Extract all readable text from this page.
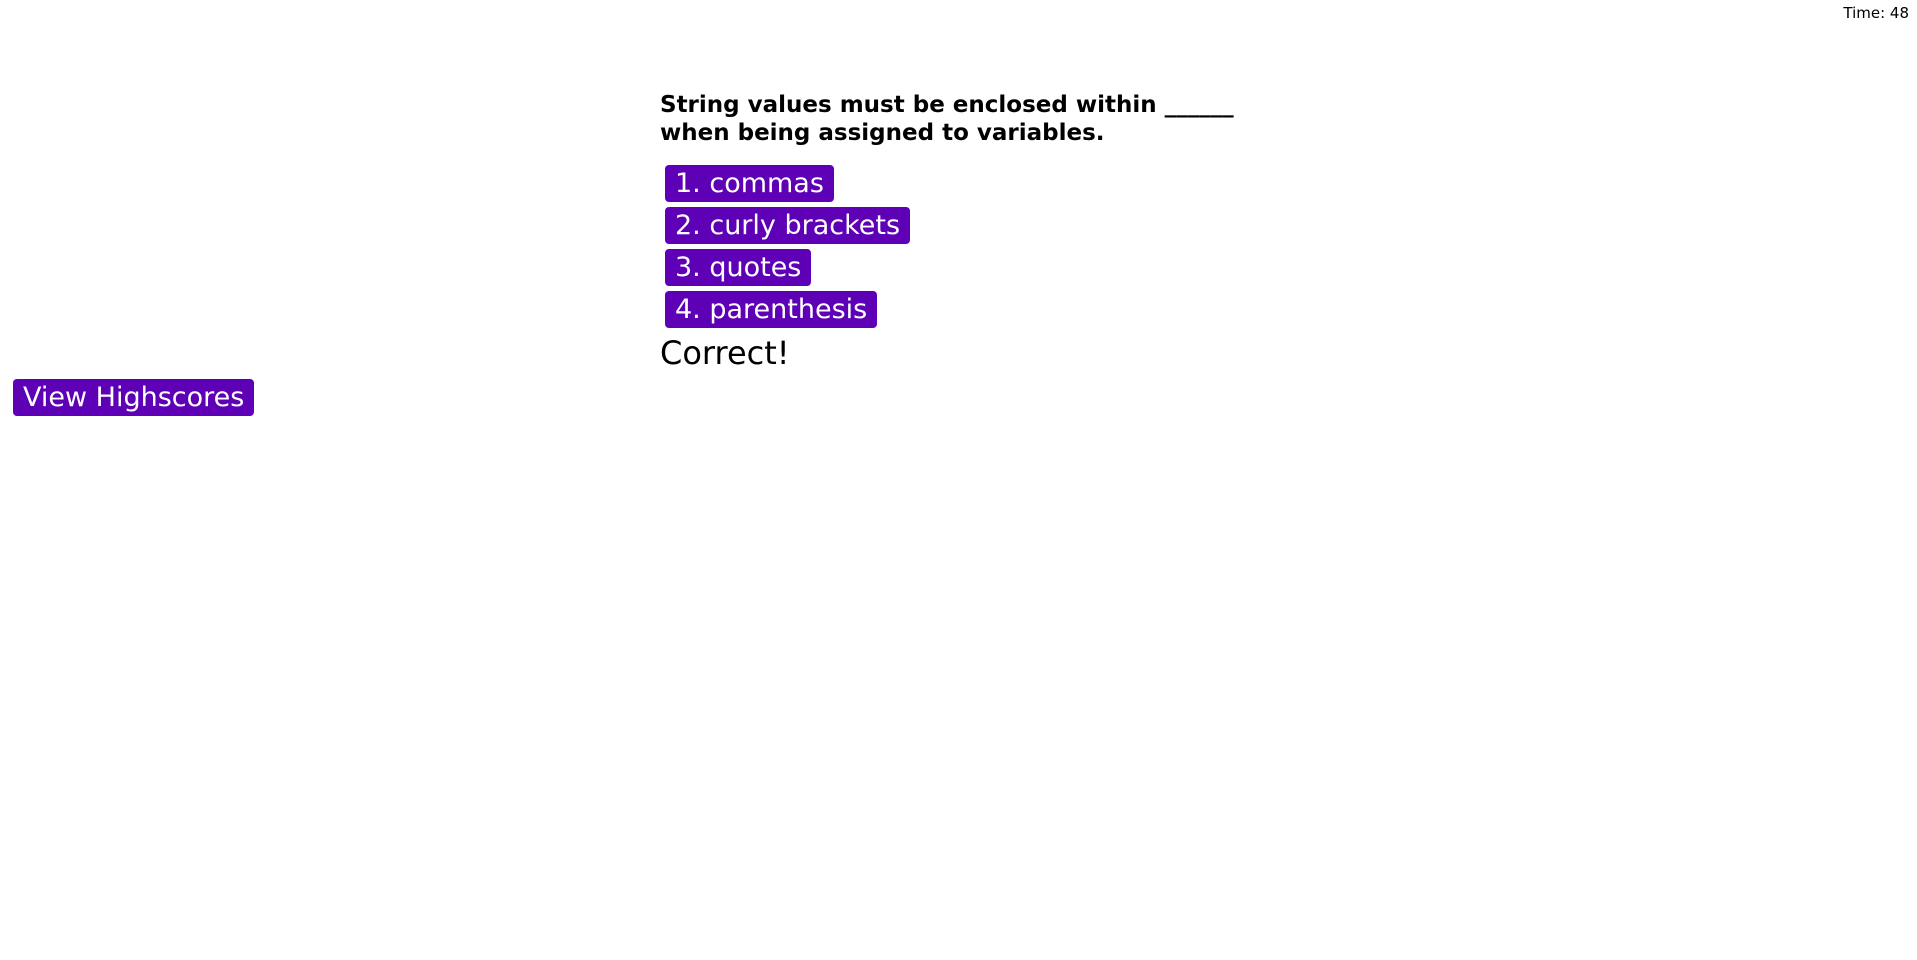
Time: 48

String values must be enclosed within ______ when being assigned to variables.

1. commas
2. curly brackets
3. quotes
4. parenthesis
Correct!
View Highscores
